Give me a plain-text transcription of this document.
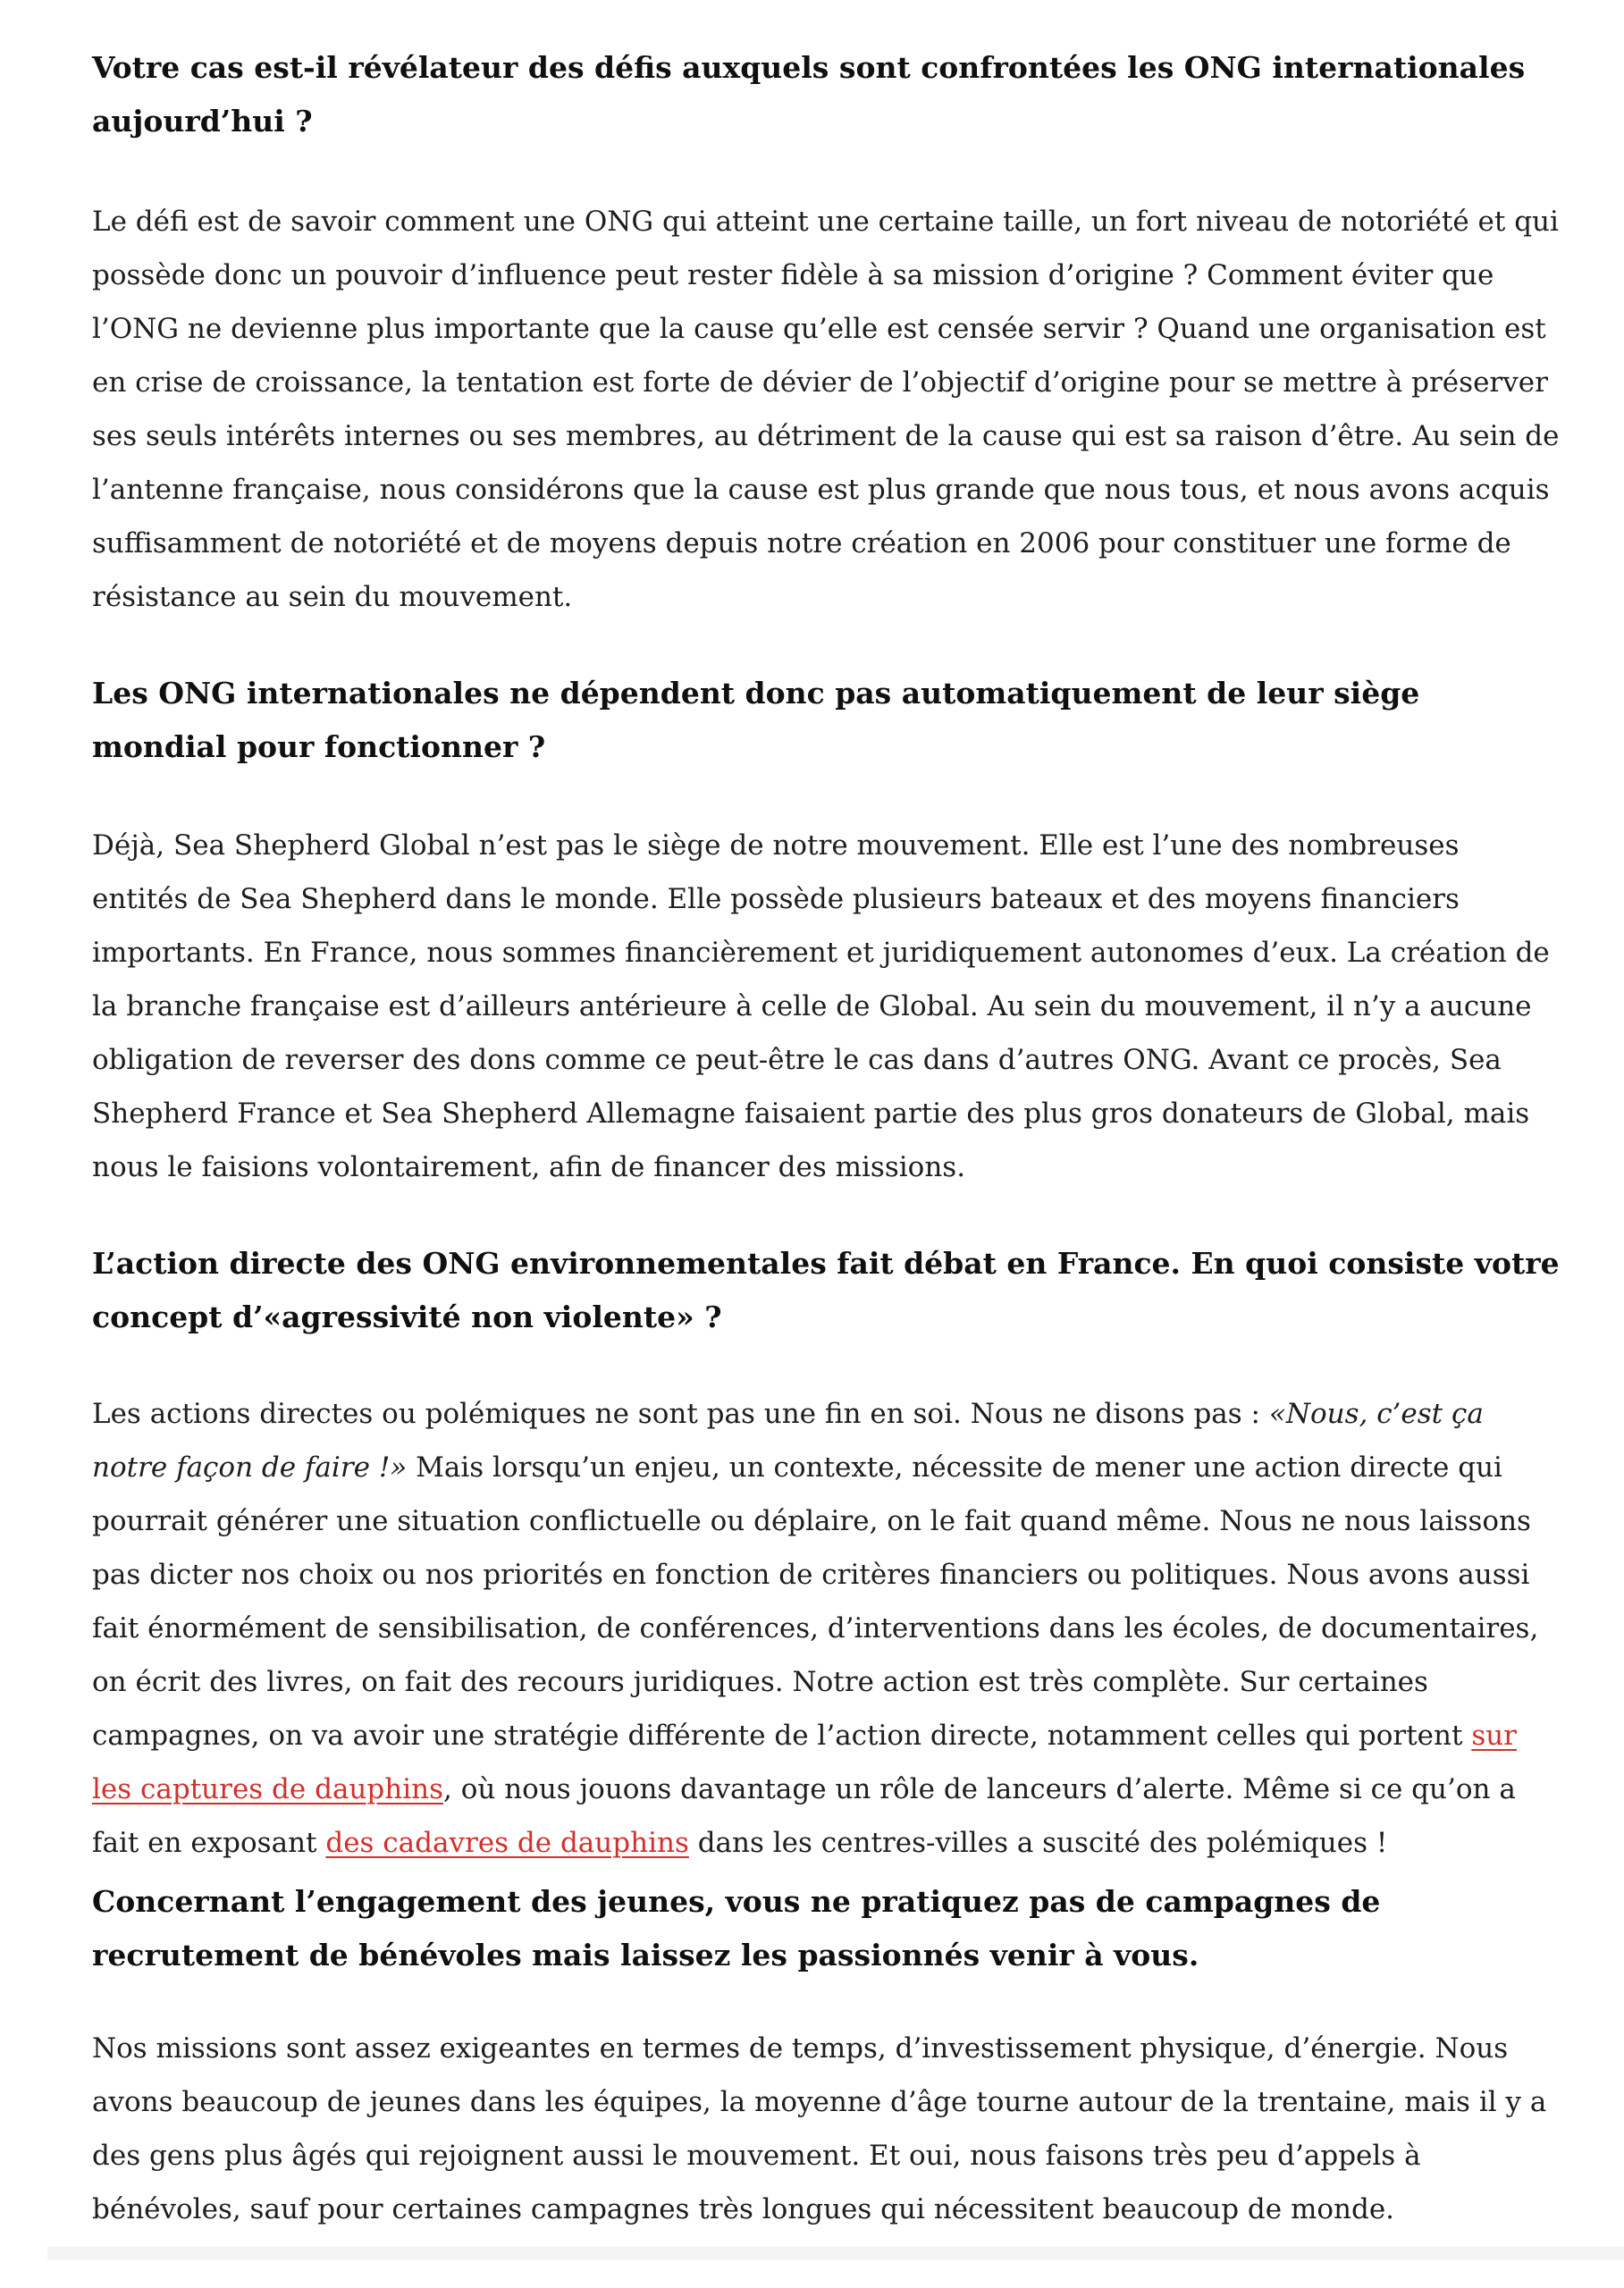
Votre cas est-il révélateur des défis auxquels sont confrontées les ONG internationales aujourd’hui ?

Le défi est de savoir comment une ONG qui atteint une certaine taille, un fort niveau de notoriété et qui possède donc un pouvoir d’influence peut rester fidèle à sa mission d’origine ? Comment éviter que l’ONG ne devienne plus importante que la cause qu’elle est censée servir ? Quand une organisation est en crise de croissance, la tentation est forte de dévier de l’objectif d’origine pour se mettre à préserver ses seuls intérêts internes ou ses membres, au détriment de la cause qui est sa raison d’être. Au sein de l’antenne française, nous considérons que la cause est plus grande que nous tous, et nous avons acquis suffisamment de notoriété et de moyens depuis notre création en 2006 pour constituer une forme de résistance au sein du mouvement.

Les ONG internationales ne dépendent donc pas automatiquement de leur siège mondial pour fonctionner ?

Déjà, Sea Shepherd Global n’est pas le siège de notre mouvement. Elle est l’une des nombreuses entités de Sea Shepherd dans le monde. Elle possède plusieurs bateaux et des moyens financiers importants. En France, nous sommes financièrement et juridiquement autonomes d’eux. La création de la branche française est d’ailleurs antérieure à celle de Global. Au sein du mouvement, il n’y a aucune obligation de reverser des dons comme ce peut-être le cas dans d’autres ONG. Avant ce procès, Sea Shepherd France et Sea Shepherd Allemagne faisaient partie des plus gros donateurs de Global, mais nous le faisions volontairement, afin de financer des missions.

L’action directe des ONG environnementales fait débat en France. En quoi consiste votre concept d’«agressivité non violente» ?

Les actions directes ou polémiques ne sont pas une fin en soi. Nous ne disons pas : «Nous, c’est ça notre façon de faire !» Mais lorsqu’un enjeu, un contexte, nécessite de mener une action directe qui pourrait générer une situation conflictuelle ou déplaire, on le fait quand même. Nous ne nous laissons pas dicter nos choix ou nos priorités en fonction de critères financiers ou politiques. Nous avons aussi fait énormément de sensibilisation, de conférences, d’interventions dans les écoles, de documentaires, on écrit des livres, on fait des recours juridiques. Notre action est très complète. Sur certaines campagnes, on va avoir une stratégie différente de l’action directe, notamment celles qui portent sur les captures de dauphins, où nous jouons davantage un rôle de lanceurs d’alerte. Même si ce qu’on a fait en exposant des cadavres de dauphins dans les centres-villes a suscité des polémiques !

Concernant l’engagement des jeunes, vous ne pratiquez pas de campagnes de recrutement de bénévoles mais laissez les passionnés venir à vous.

Nos missions sont assez exigeantes en termes de temps, d’investissement physique, d’énergie. Nous avons beaucoup de jeunes dans les équipes, la moyenne d’âge tourne autour de la trentaine, mais il y a des gens plus âgés qui rejoignent aussi le mouvement. Et oui, nous faisons très peu d’appels à bénévoles, sauf pour certaines campagnes très longues qui nécessitent beaucoup de monde.
